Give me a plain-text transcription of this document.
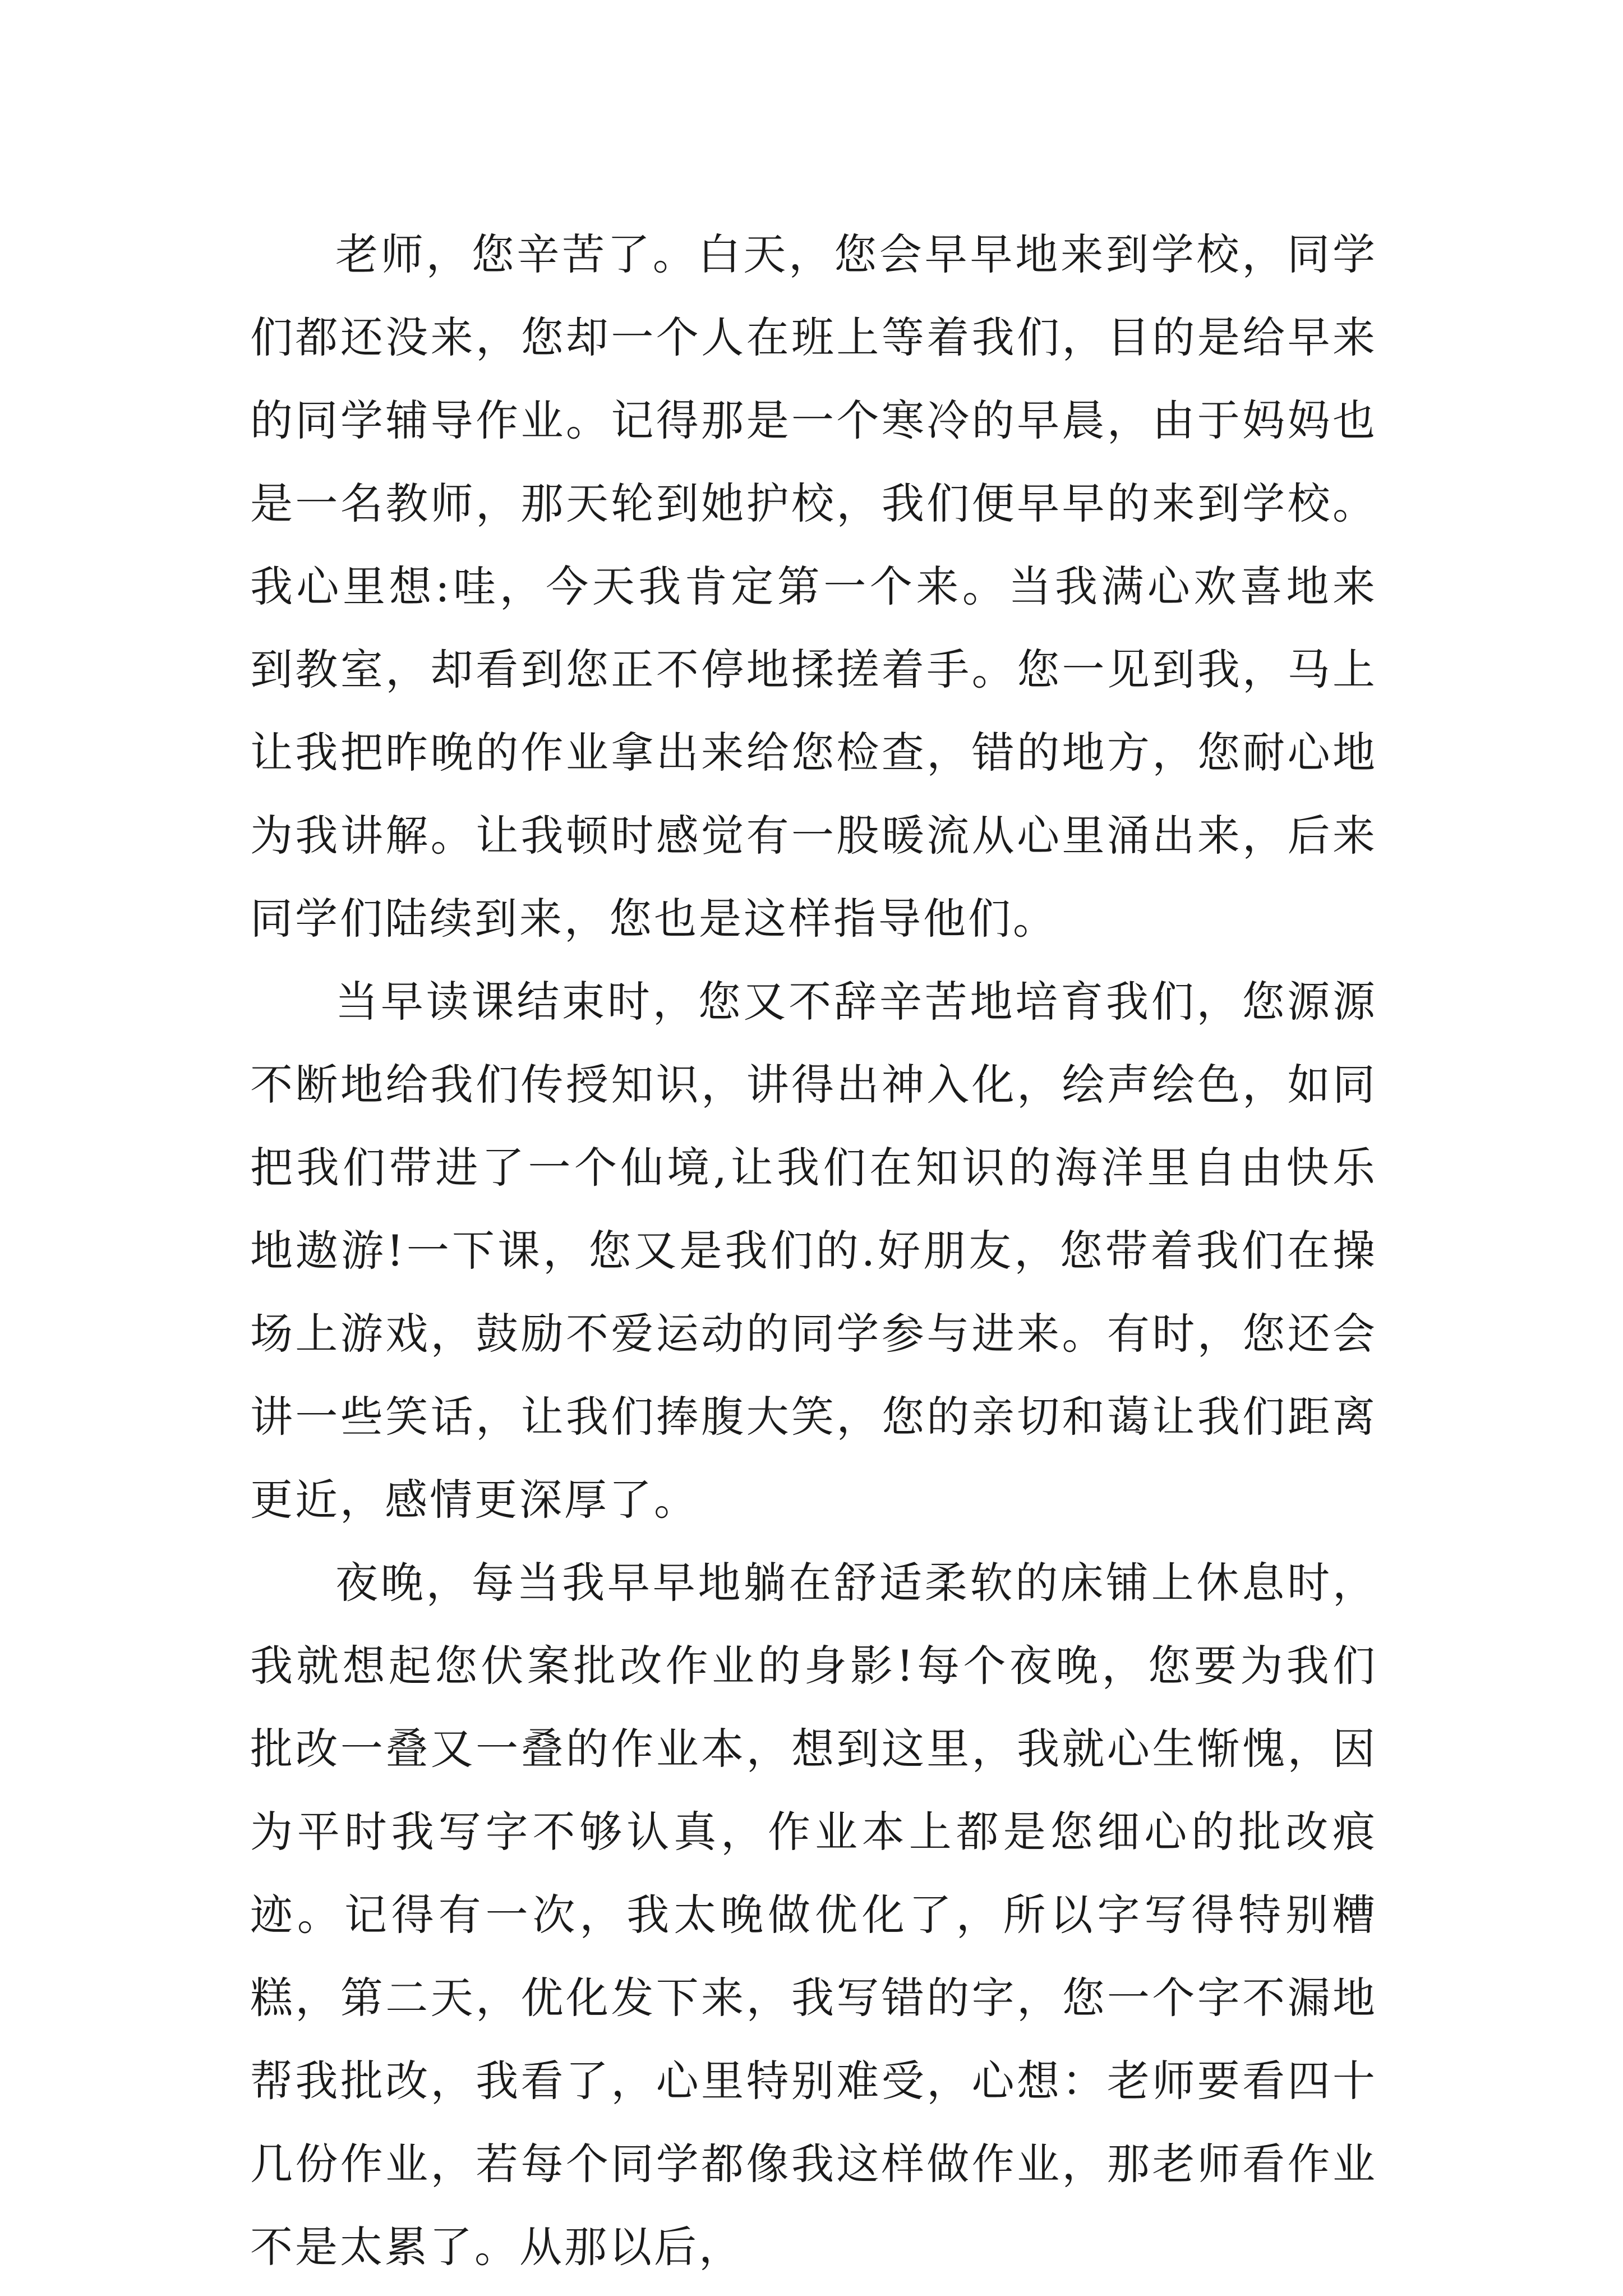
老师，您辛苦了。白天，您会早早地来到学校，同学们都还没来，您却一个人在班上等着我们，目的是给早来的同学辅导作业。记得那是一个寒冷的早晨，由于妈妈也是一名教师，那天轮到她护校，我们便早早的来到学校。我心里想:哇，今天我肯定第一个来。当我满心欢喜地来到教室，却看到您正不停地揉搓着手。您一见到我，马上让我把昨晚的作业拿出来给您检查，错的地方，您耐心地为我讲解。让我顿时感觉有一股暖流从心里涌出来，后来同学们陆续到来，您也是这样指导他们。

当早读课结束时，您又不辞辛苦地培育我们，您源源不断地给我们传授知识，讲得出神入化，绘声绘色，如同把我们带进了一个仙境,让我们在知识的海洋里自由快乐地遨游!一下课，您又是我们的.好朋友，您带着我们在操场上游戏，鼓励不爱运动的同学参与进来。有时，您还会讲一些笑话，让我们捧腹大笑，您的亲切和蔼让我们距离更近，感情更深厚了。

夜晚，每当我早早地躺在舒适柔软的床铺上休息时，我就想起您伏案批改作业的身影!每个夜晚，您要为我们批改一叠又一叠的作业本，想到这里，我就心生惭愧，因为平时我写字不够认真，作业本上都是您细心的批改痕迹。记得有一次，我太晚做优化了，所以字写得特别糟糕，第二天，优化发下来，我写错的字，您一个字不漏地帮我批改，我看了，心里特别难受，心想：老师要看四十几份作业，若每个同学都像我这样做作业，那老师看作业不是太累了。从那以后，
